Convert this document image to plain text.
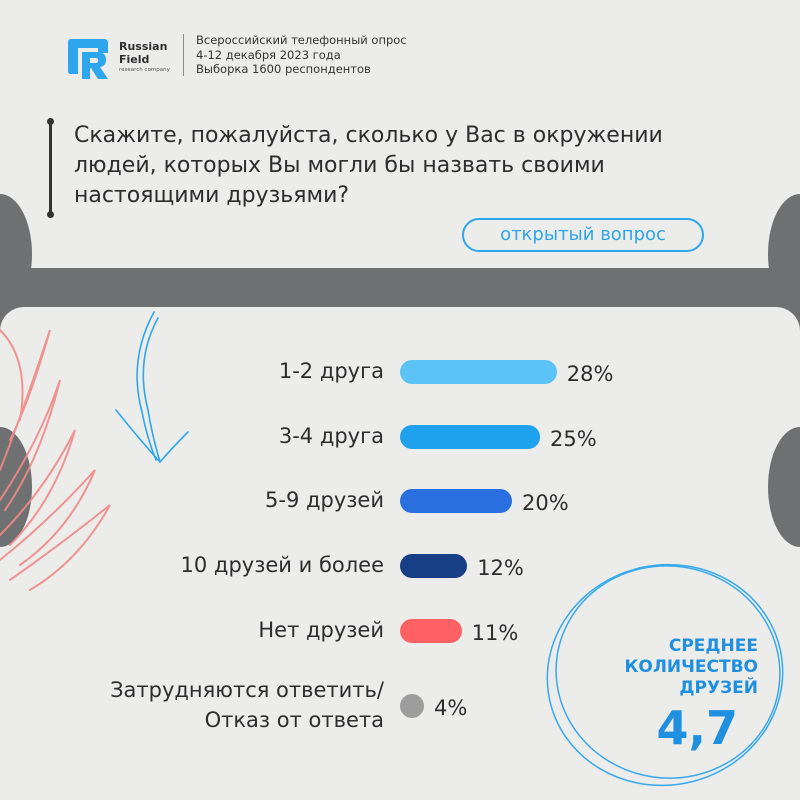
Russian
Field
research company
Всероссийский телефонный опрос
4-12 декабря 2023 года
Выборка 1600 респондентов
Скажите, пожалуйста, сколько у Вас в окружении
людей, которых Вы могли бы назвать своими
настоящими друзьями?
открытый вопрос
1-2 друга	28%
3-4 друга	25%
5-9 друзей	20%
10 друзей и более	12%
Нет друзей	11%
Затрудняются ответить/
Отказ от ответа 4%
СРЕДНЕЕ
КОЛИЧЕСТВО
ДРУЗЕЙ
4,7
